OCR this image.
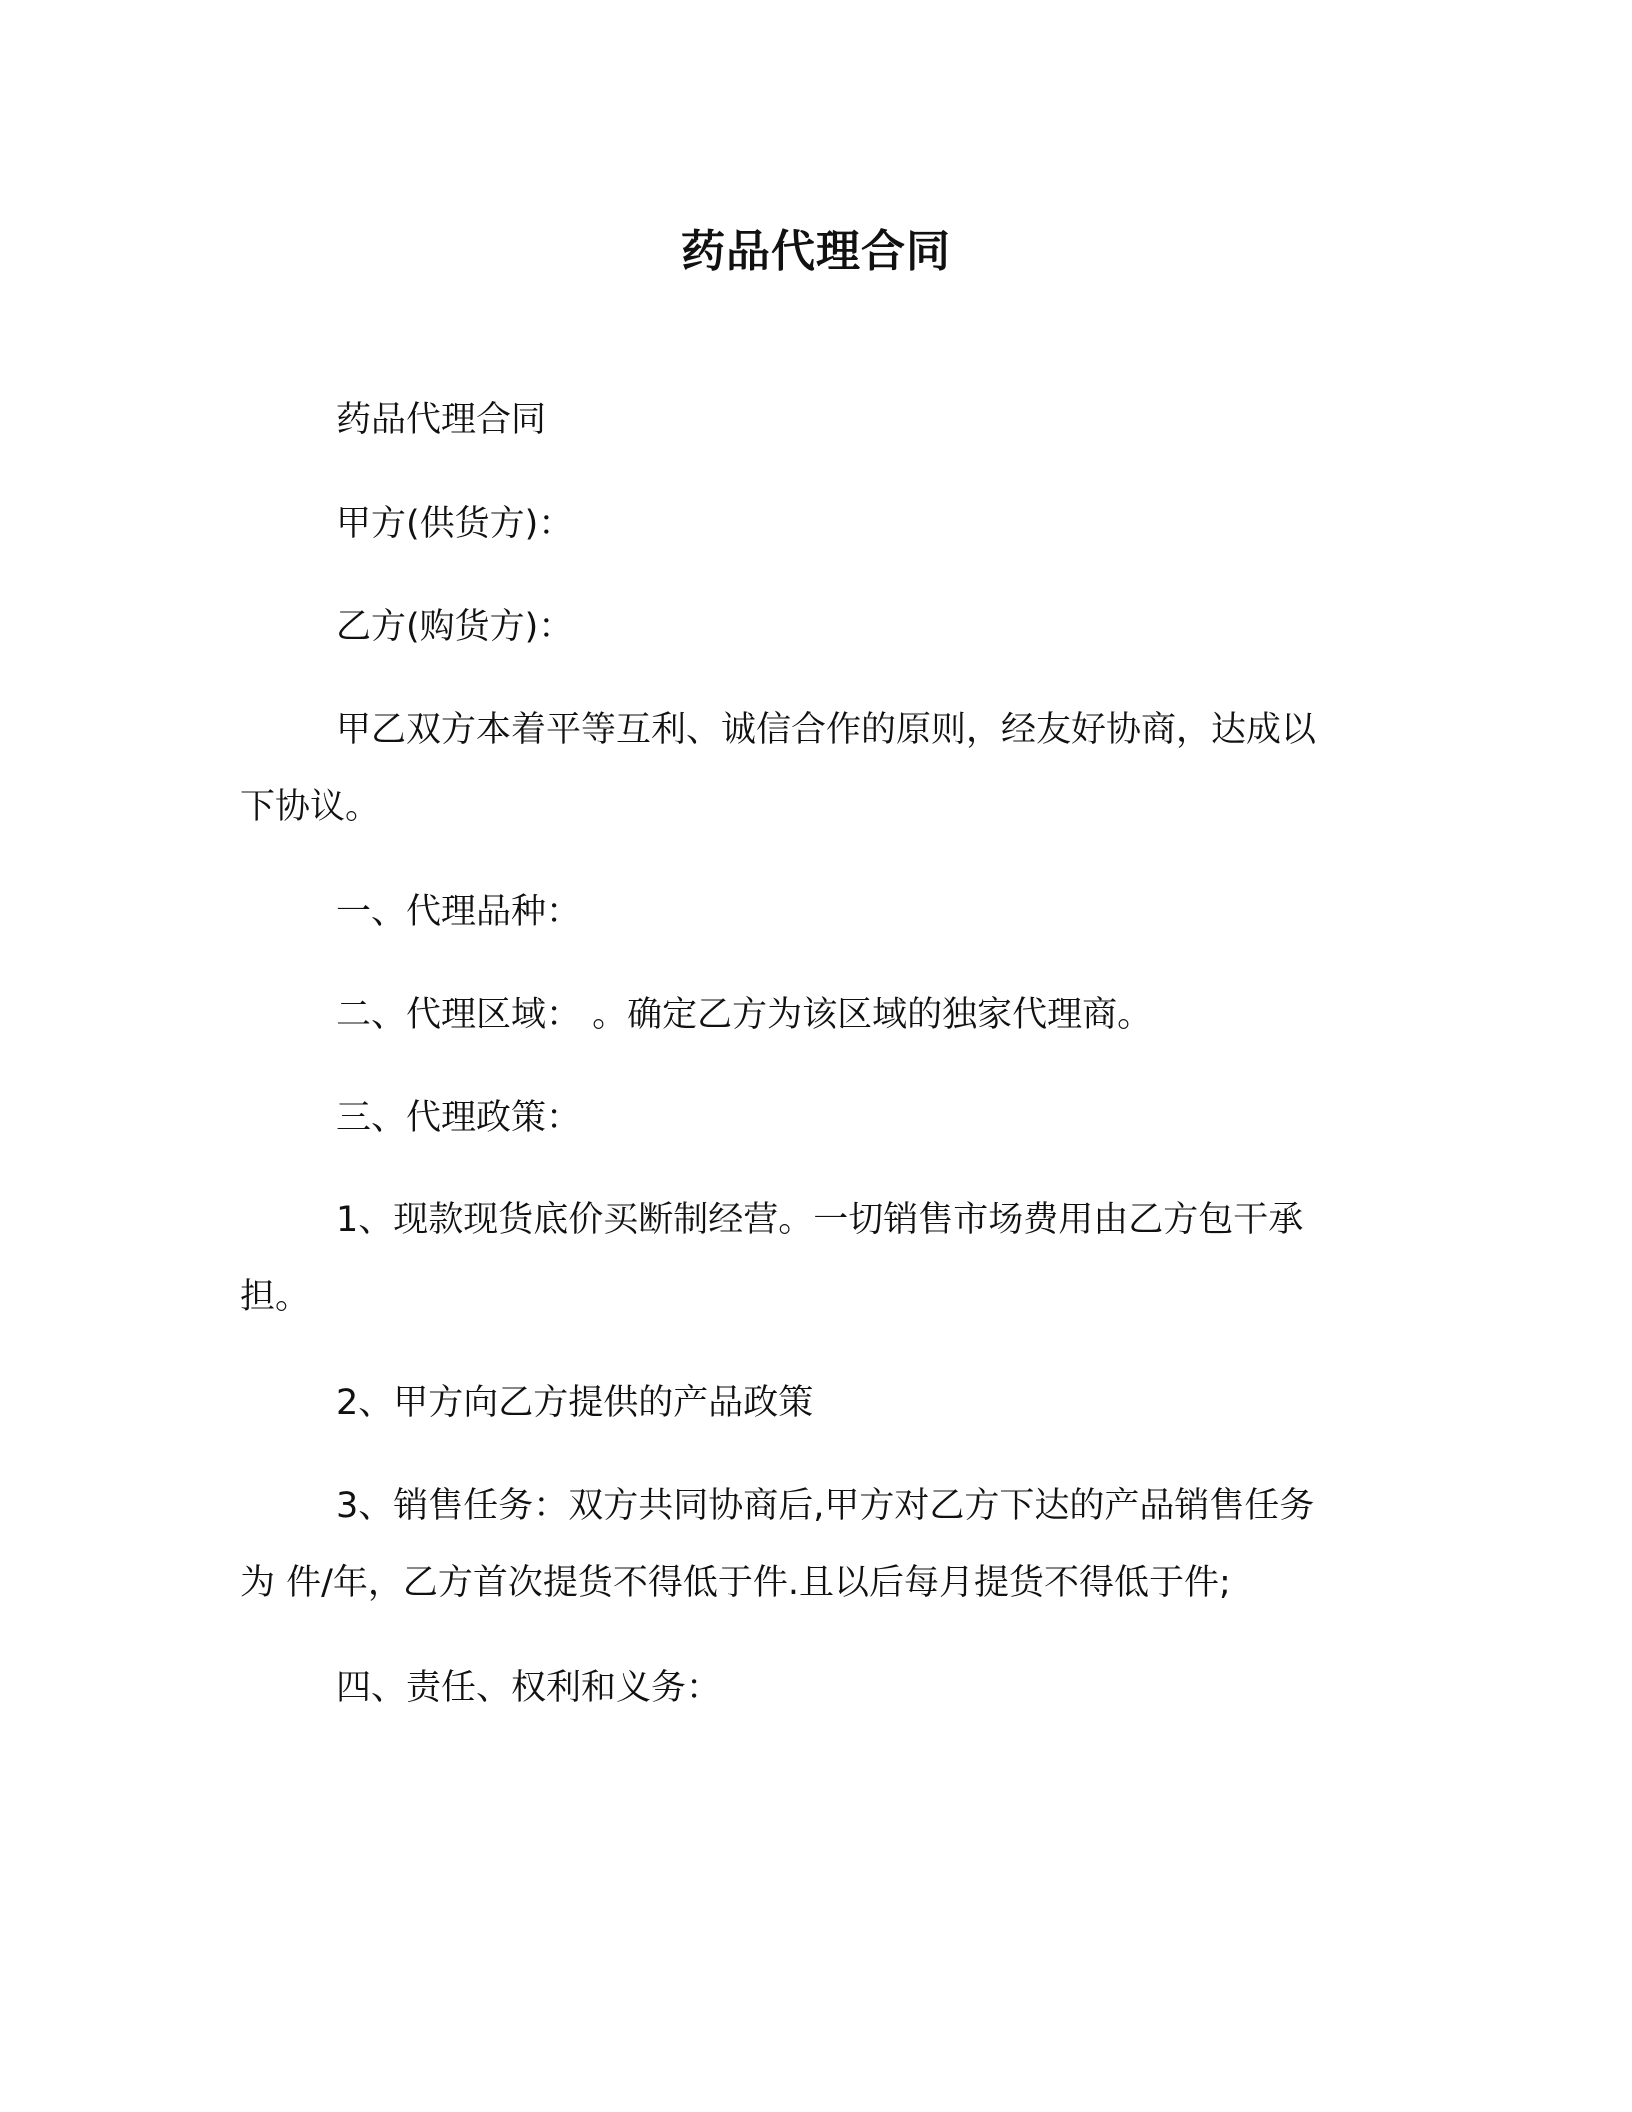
药品代理合同
药品代理合同
甲方(供货方)：
乙方(购货方)：
甲乙双方本着平等互利、诚信合作的原则，经友好协商，达成以
下协议。
一、代理品种：
二、代理区域： 。确定乙方为该区域的独家代理商。
三、代理政策：
1、现款现货底价买断制经营。一切销售市场费用由乙方包干承
担。
2、甲方向乙方提供的产品政策
3、销售任务：双方共同协商后,甲方对乙方下达的产品销售任务
为 件/年，乙方首次提货不得低于件.且以后每月提货不得低于件;
四、责任、权利和义务：
